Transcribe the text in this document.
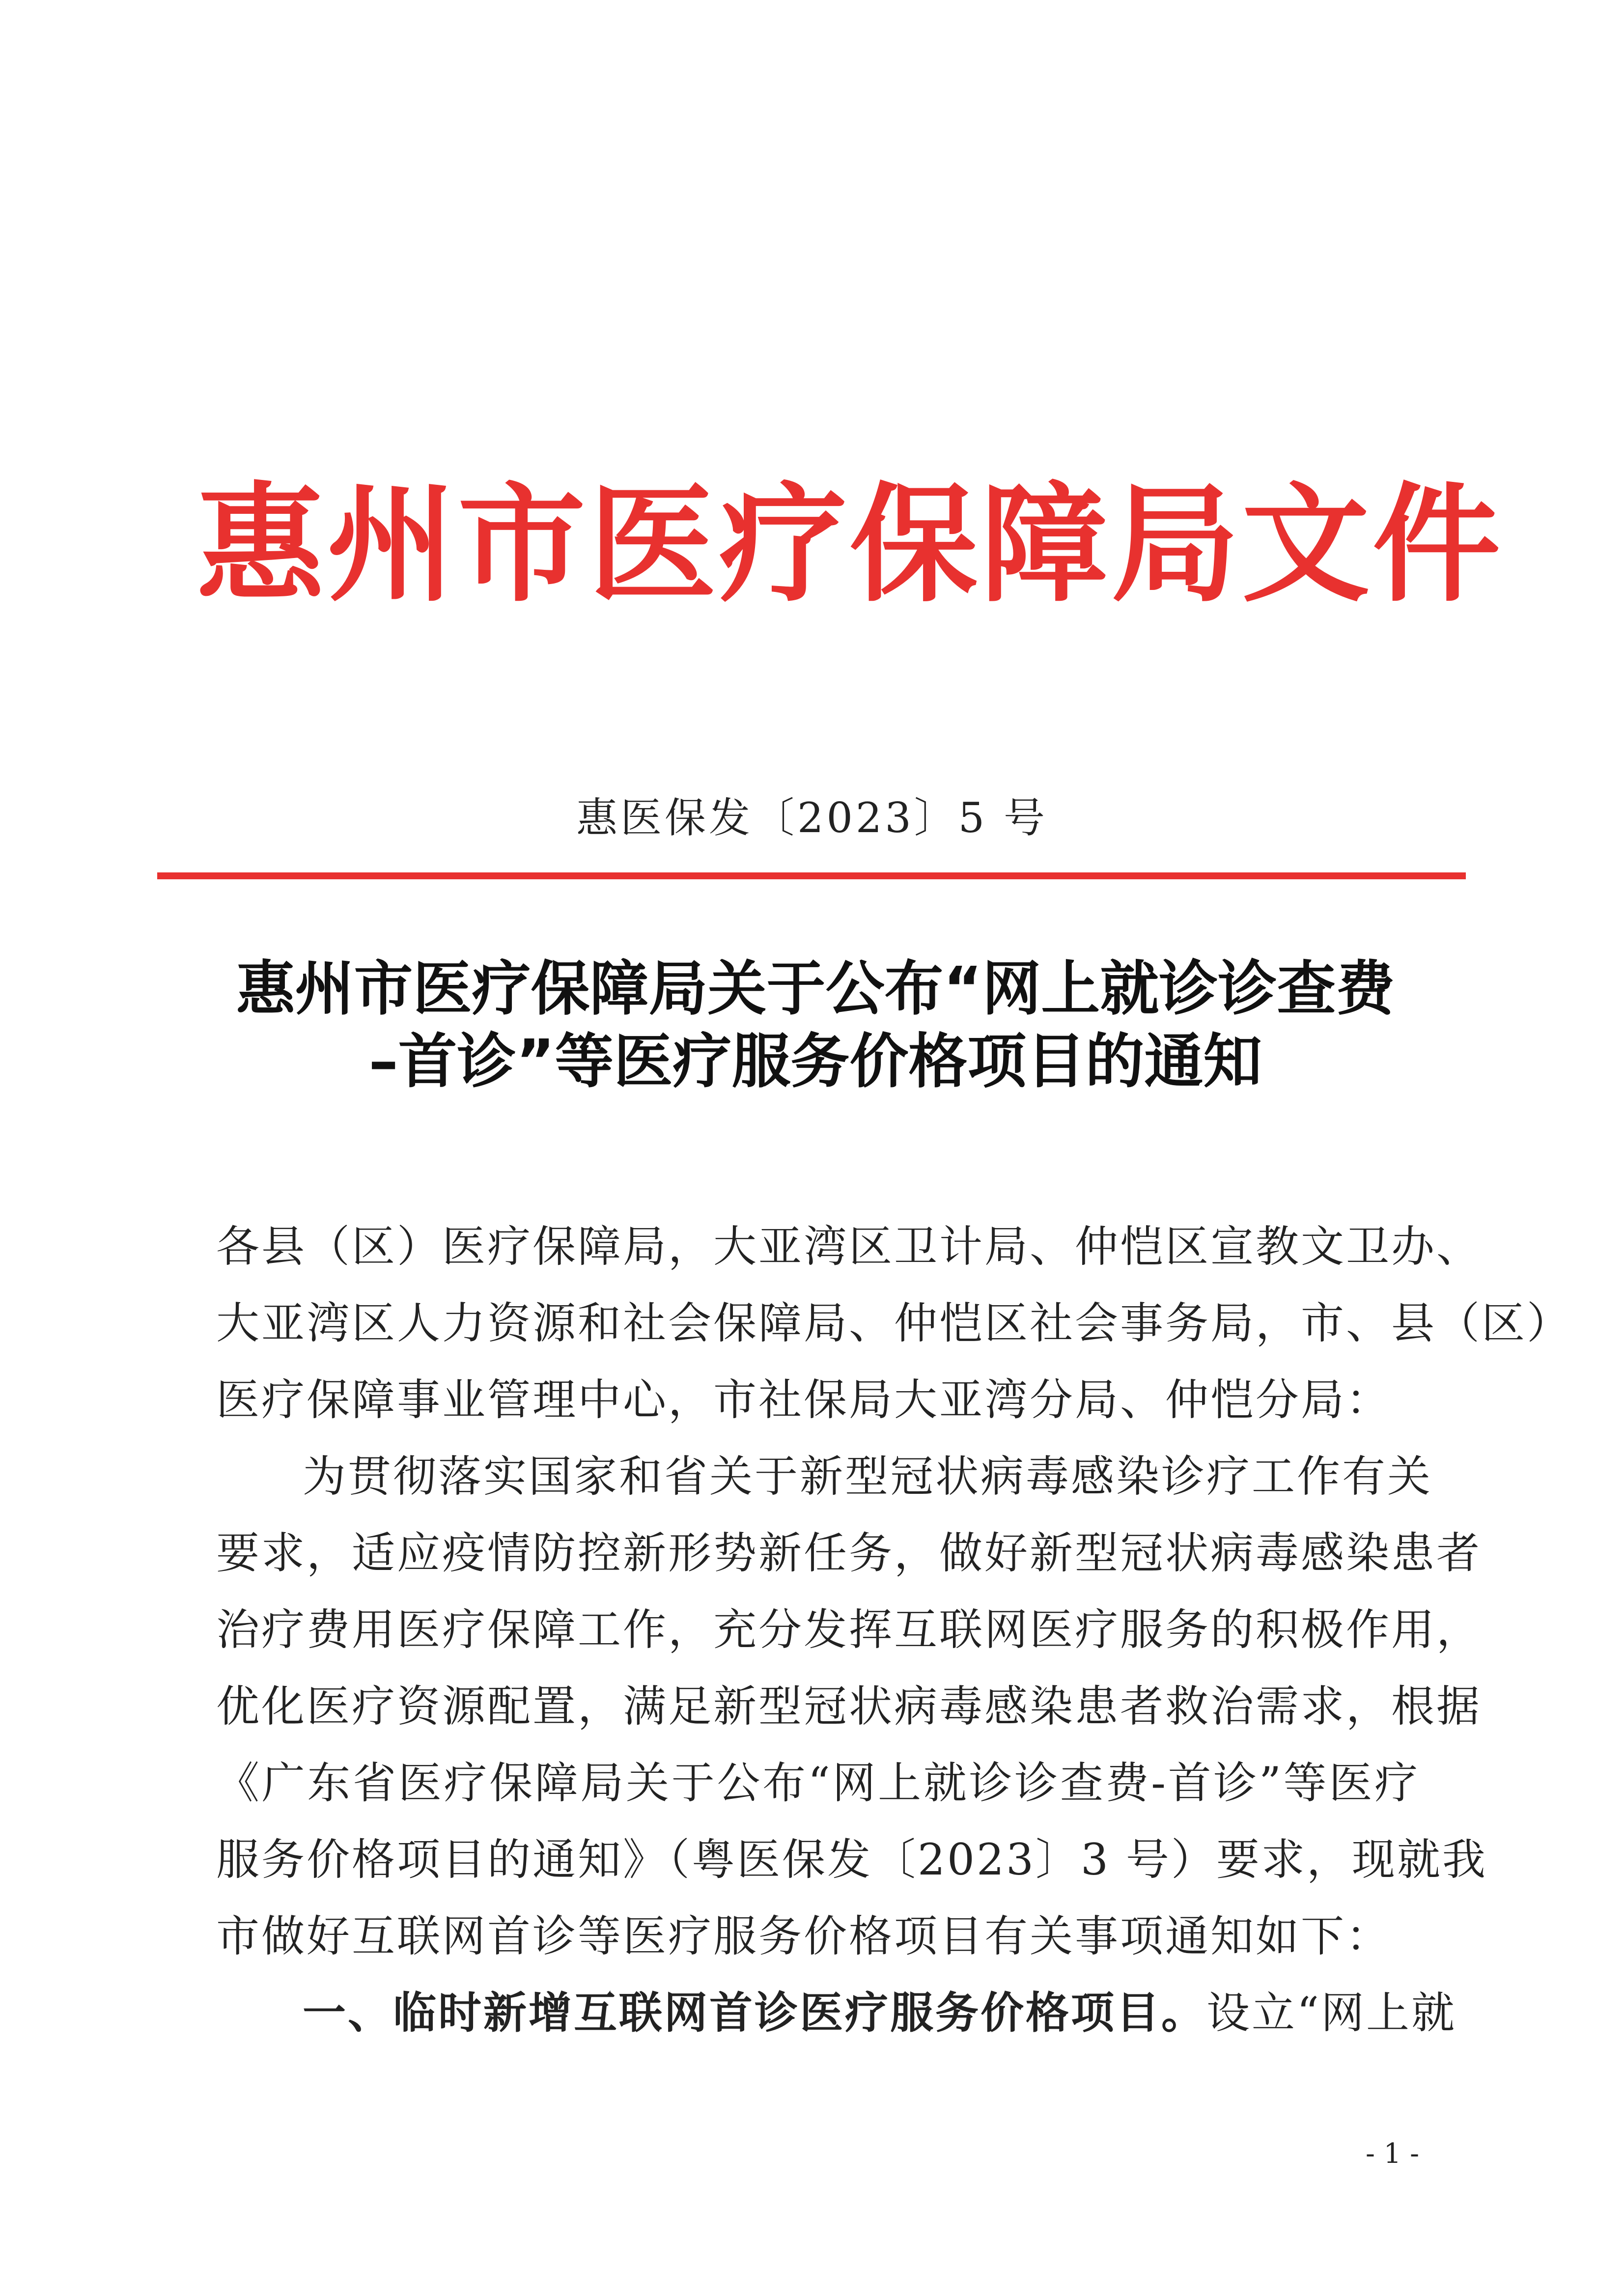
惠州市医疗保障局文件
惠医保发〔2023〕5 号
惠州市医疗保障局关于公布“网上就诊诊查费
–首诊”等医疗服务价格项目的通知
各县（区）医疗保障局，大亚湾区卫计局、仲恺区宣教文卫办、
大亚湾区人力资源和社会保障局、仲恺区社会事务局，市、县（区）
医疗保障事业管理中心，市社保局大亚湾分局、仲恺分局：
为贯彻落实国家和省关于新型冠状病毒感染诊疗工作有关
要求，适应疫情防控新形势新任务，做好新型冠状病毒感染患者
治疗费用医疗保障工作，充分发挥互联网医疗服务的积极作用，
优化医疗资源配置，满足新型冠状病毒感染患者救治需求，根据
《广东省医疗保障局关于公布“网上就诊诊查费-首诊”等医疗
服务价格项目的通知》（粤医保发〔2023〕3 号）要求，现就我
市做好互联网首诊等医疗服务价格项目有关事项通知如下：
一、临时新增互联网首诊医疗服务价格项目。设立“网上就
- 1 -
